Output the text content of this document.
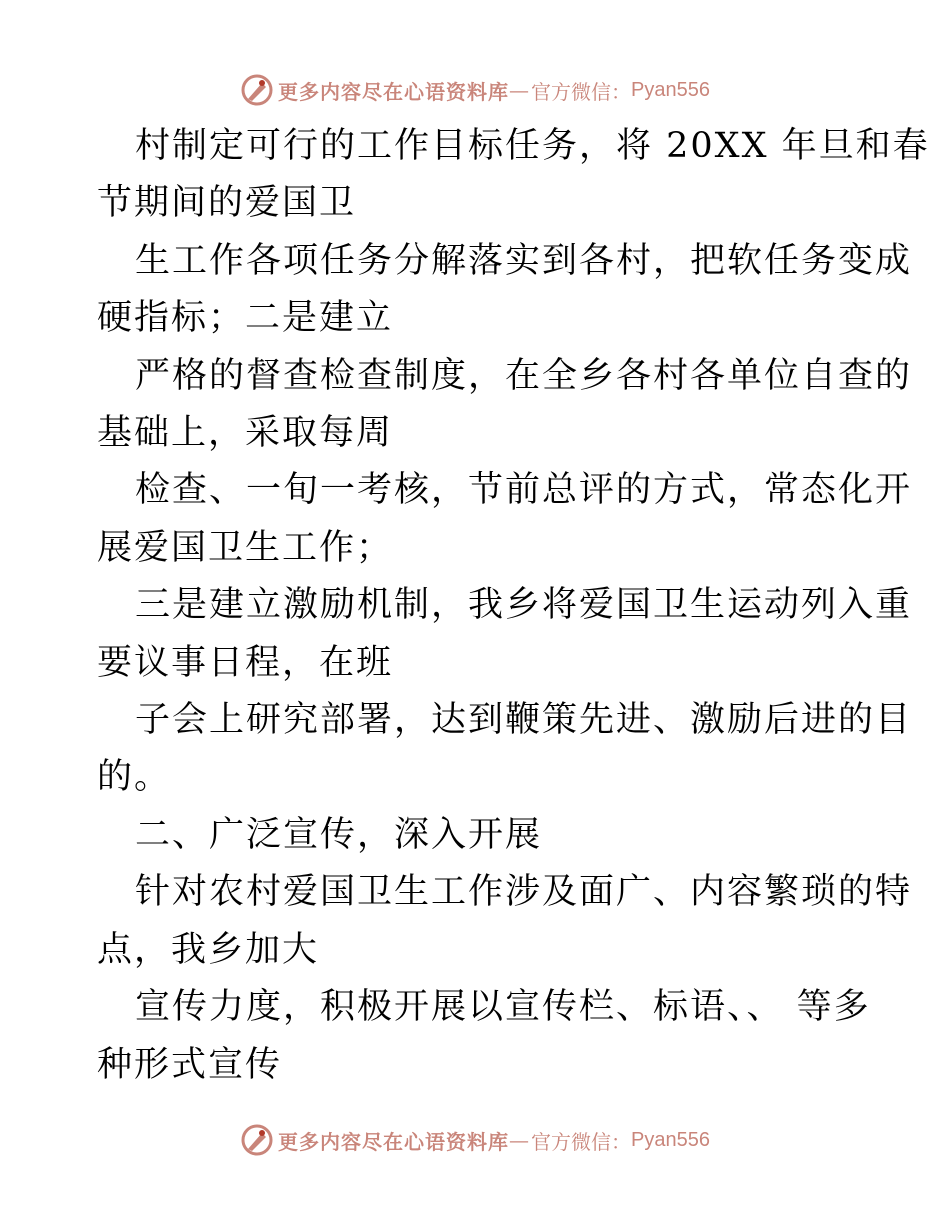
更多内容尽在心语资料库 — 官方微信： Pyan556

村制定可行的工作目标任务，将 20XX 年旦和春

节期间的爱国卫

生工作各项任务分解落实到各村，把软任务变成

硬指标；二是建立

严格的督查检查制度，在全乡各村各单位自查的

基础上，采取每周

检查、一旬一考核，节前总评的方式，常态化开

展爱国卫生工作；

三是建立激励机制，我乡将爱国卫生运动列入重

要议事日程，在班

子会上研究部署，达到鞭策先进、激励后进的目

的。

二、广泛宣传，深入开展

针对农村爱国卫生工作涉及面广、内容繁琐的特

点，我乡加大

宣传力度，积极开展以宣传栏、标语、、 等多

种形式宣传

更多内容尽在心语资料库 — 官方微信： Pyan556
